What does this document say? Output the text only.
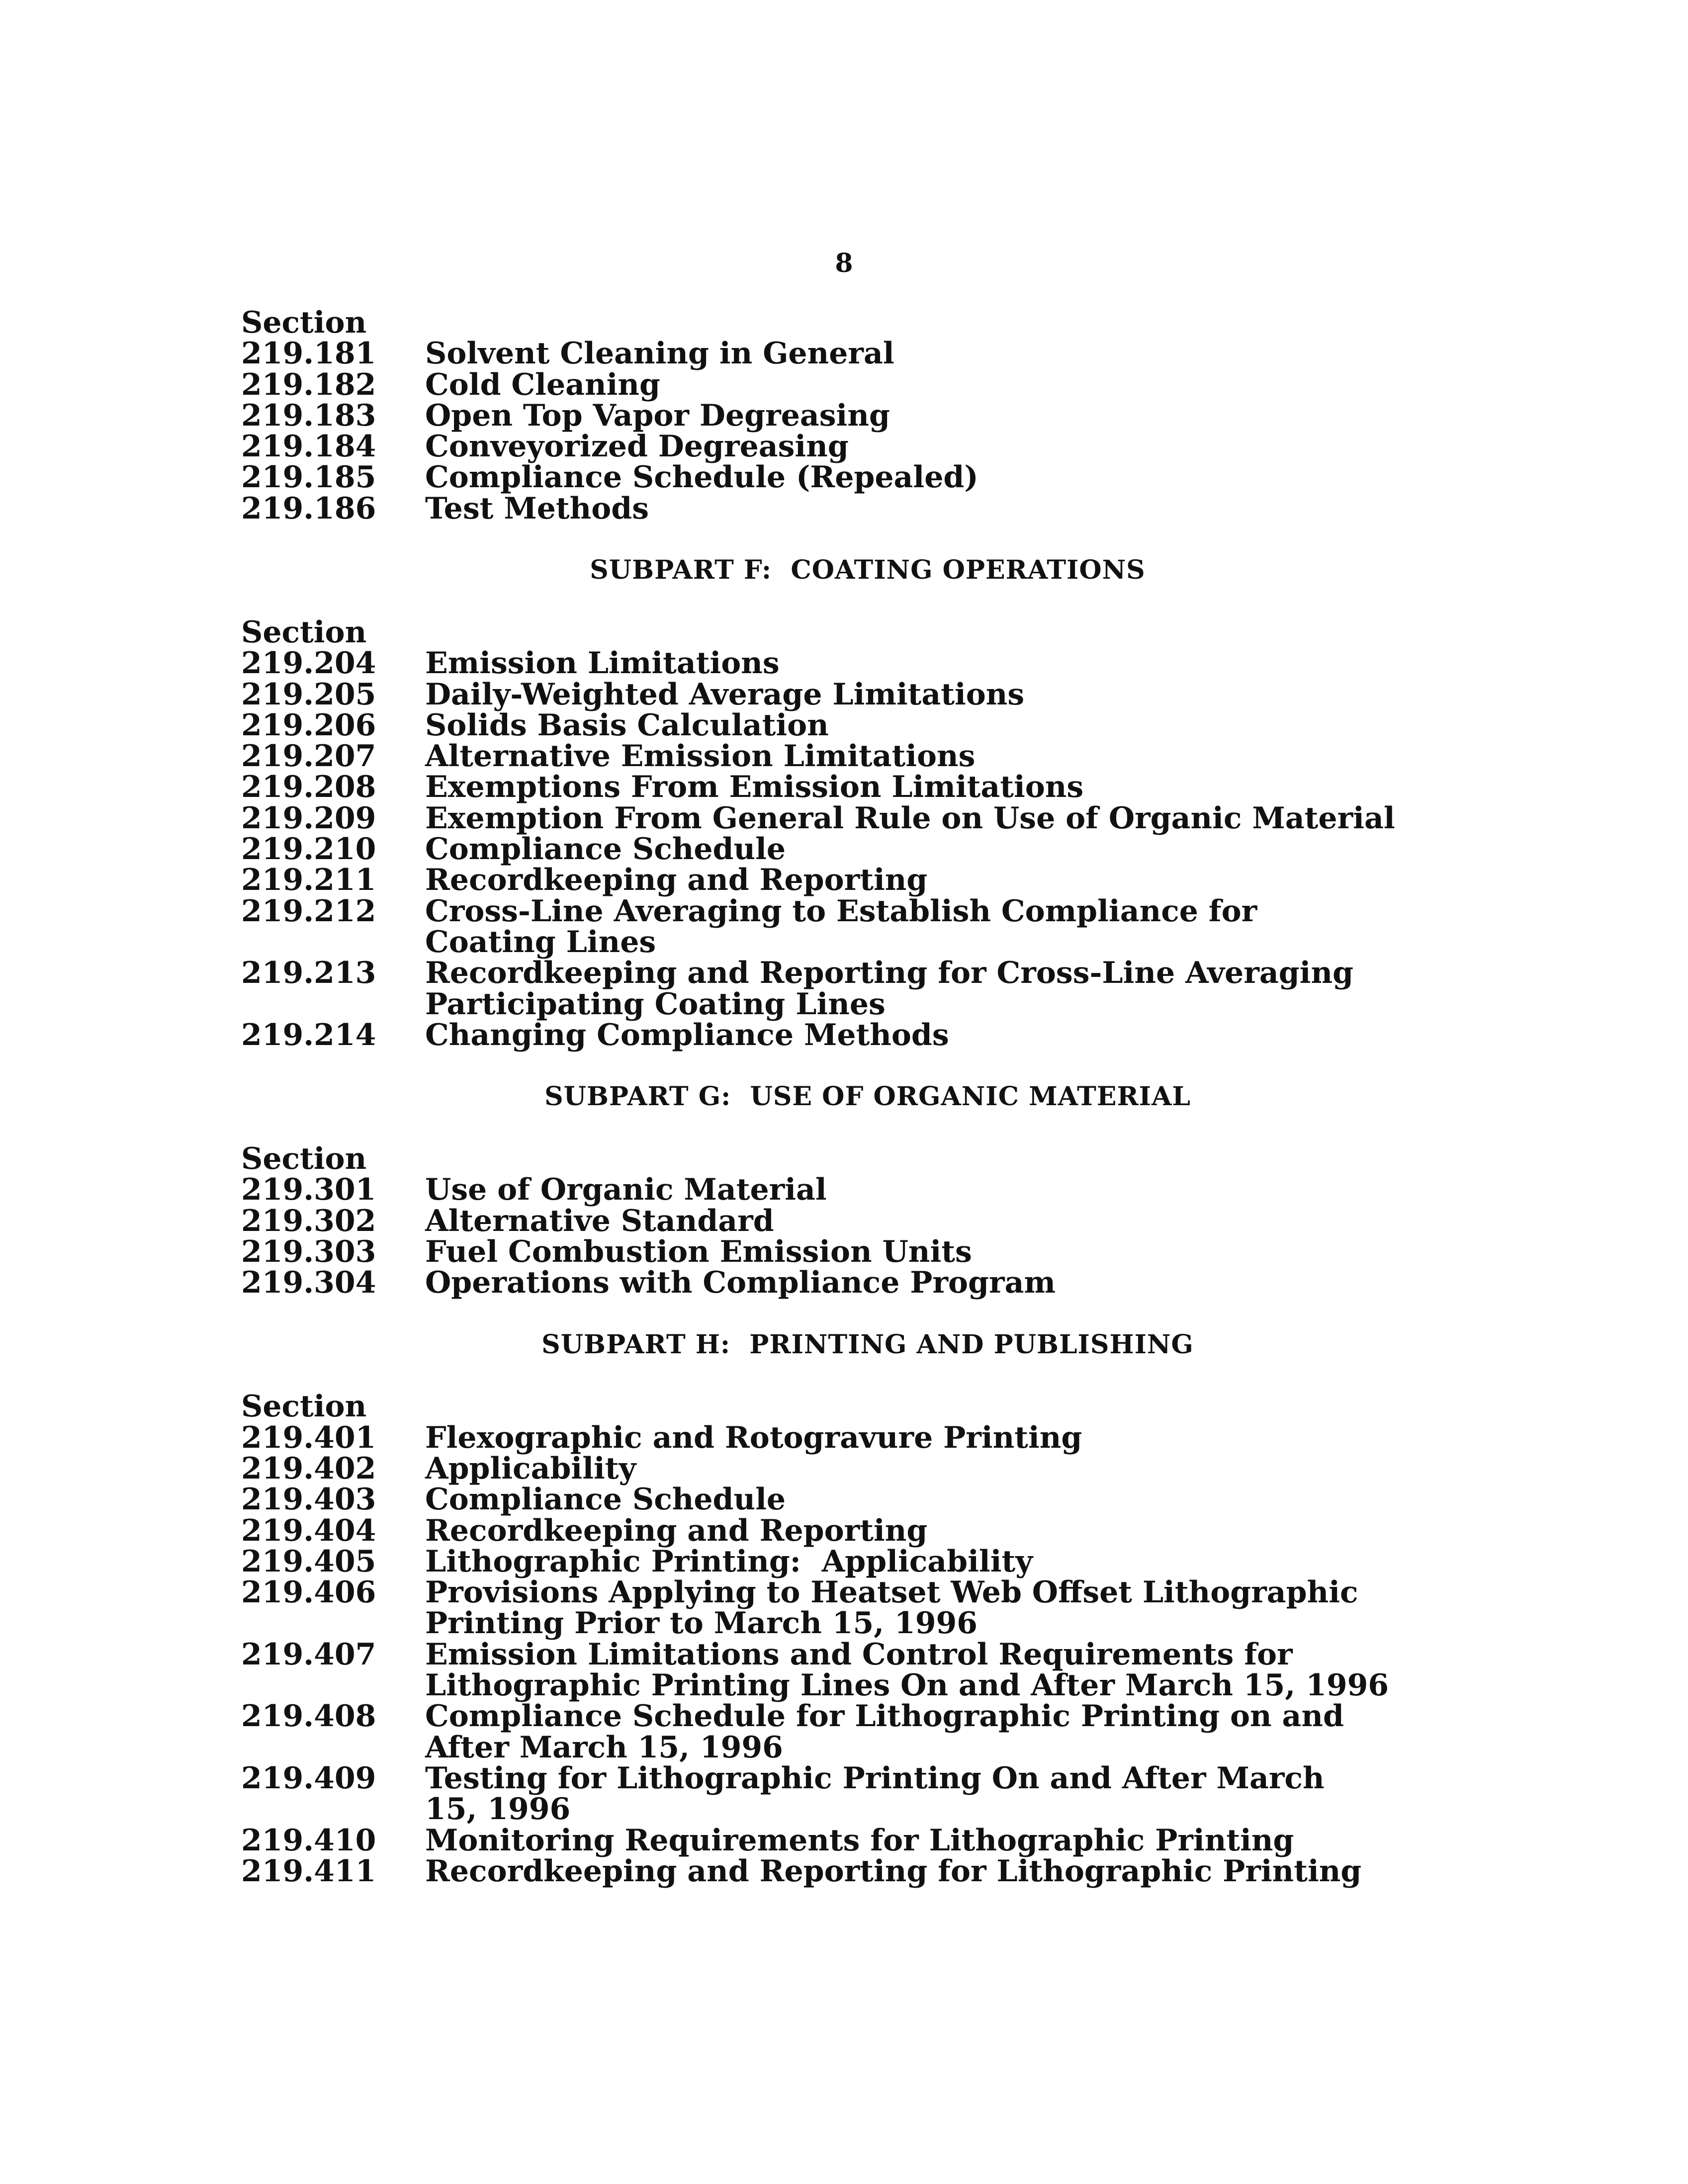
8
Section
219.181	Solvent Cleaning in General
219.182	Cold Cleaning
219.183	Open Top Vapor Degreasing
219.184	Conveyorized Degreasing
219.185	Compliance Schedule (Repealed)
219.186	Test Methods
SUBPART F:  COATING OPERATIONS
Section
219.204	Emission Limitations
219.205	Daily-Weighted Average Limitations
219.206	Solids Basis Calculation
219.207	Alternative Emission Limitations
219.208	Exemptions From Emission Limitations
219.209	Exemption From General Rule on Use of Organic Material
219.210	Compliance Schedule
219.211	Recordkeeping and Reporting
219.212	Cross-Line Averaging to Establish Compliance for
Coating Lines
219.213	Recordkeeping and Reporting for Cross-Line Averaging
Participating Coating Lines
219.214	Changing Compliance Methods
SUBPART G:  USE OF ORGANIC MATERIAL
Section
219.301	Use of Organic Material
219.302	Alternative Standard
219.303	Fuel Combustion Emission Units
219.304	Operations with Compliance Program
SUBPART H:  PRINTING AND PUBLISHING
Section
219.401	Flexographic and Rotogravure Printing
219.402	Applicability
219.403	Compliance Schedule
219.404	Recordkeeping and Reporting
219.405	Lithographic Printing:  Applicability
219.406	Provisions Applying to Heatset Web Offset Lithographic
Printing Prior to March 15, 1996
219.407	Emission Limitations and Control Requirements for
Lithographic Printing Lines On and After March 15, 1996
219.408	Compliance Schedule for Lithographic Printing on and
After March 15, 1996
219.409	Testing for Lithographic Printing On and After March
15, 1996
219.410	Monitoring Requirements for Lithographic Printing
219.411	Recordkeeping and Reporting for Lithographic Printing
